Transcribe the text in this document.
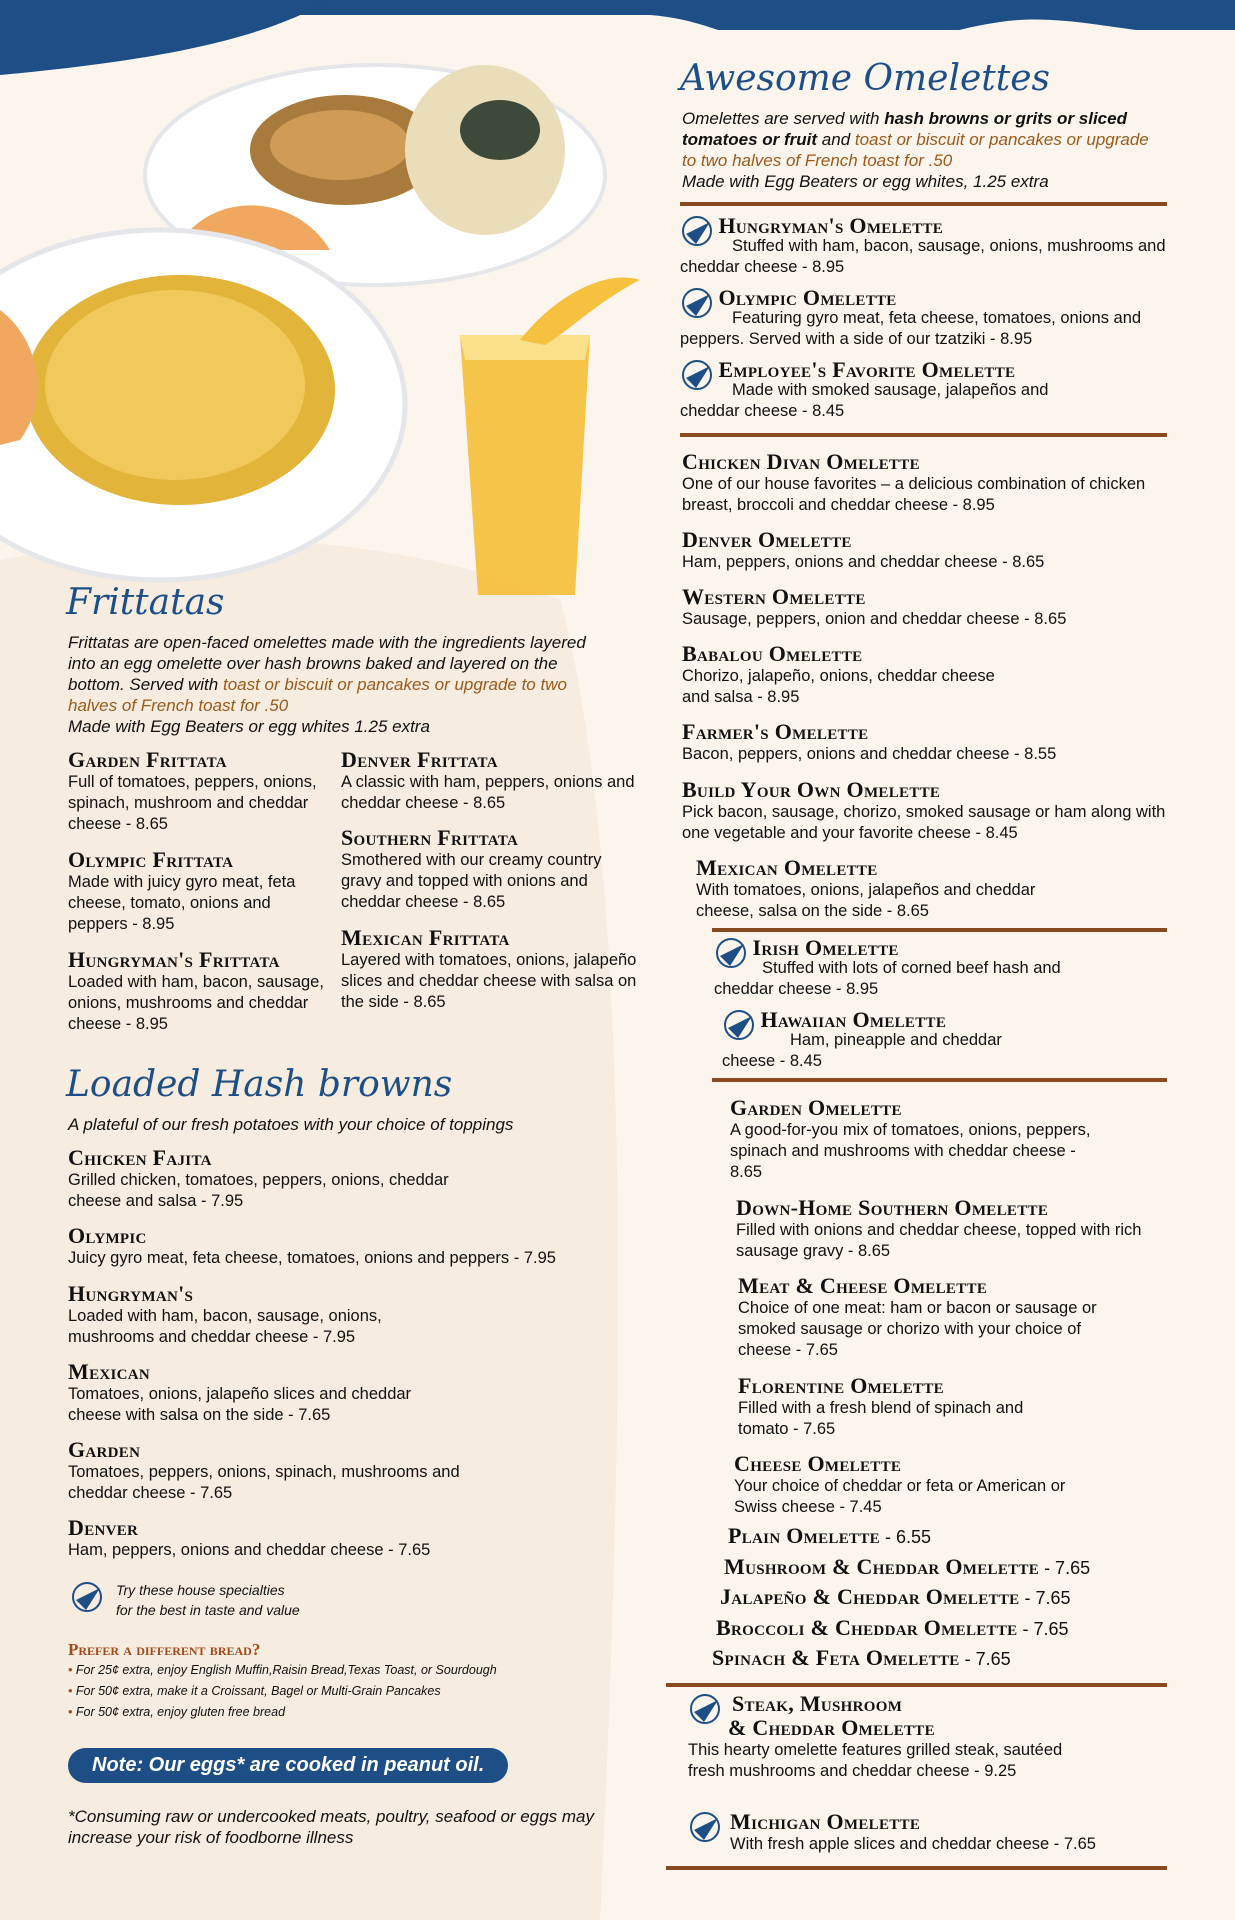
Awesome Omelettes
Omelettes are served with hash browns or grits or sliced tomatoes or fruit and toast or biscuit or pancakes or upgrade to two halves of French toast for .50
Made with Egg Beaters or egg whites, 1.25 extra
Hungryman's Omelette
Stuffed with ham, bacon, sausage, onions, mushrooms and cheddar cheese - 8.95
Olympic Omelette
Featuring gyro meat, feta cheese, tomatoes, onions and peppers. Served with a side of our tzatziki - 8.95
Employee's Favorite Omelette
Made with smoked sausage, jalapeños and cheddar cheese - 8.45
Chicken Divan Omelette
One of our house favorites – a delicious combination of chicken breast, broccoli and cheddar cheese - 8.95
Denver Omelette
Ham, peppers, onions and cheddar cheese - 8.65
Western Omelette
Sausage, peppers, onion and cheddar cheese - 8.65
Babalou Omelette
Chorizo, jalapeño, onions, cheddar cheese and salsa - 8.95
Farmer's Omelette
Bacon, peppers, onions and cheddar cheese - 8.55
Build Your Own Omelette
Pick bacon, sausage, chorizo, smoked sausage or ham along with one vegetable and your favorite cheese - 8.45
Mexican Omelette
With tomatoes, onions, jalapeños and cheddar cheese, salsa on the side - 8.65
Irish Omelette
Stuffed with lots of corned beef hash and cheddar cheese - 8.95
Hawaiian Omelette
Ham, pineapple and cheddar cheese - 8.45
Garden Omelette
A good-for-you mix of tomatoes, onions, peppers, spinach and mushrooms with cheddar cheese - 8.65
Down-Home Southern Omelette
Filled with onions and cheddar cheese, topped with rich sausage gravy - 8.65
Meat & Cheese Omelette
Choice of one meat: ham or bacon or sausage or smoked sausage or chorizo with your choice of cheese - 7.65
Florentine Omelette
Filled with a fresh blend of spinach and tomato - 7.65
Cheese Omelette
Your choice of cheddar or feta or American or Swiss cheese - 7.45
Plain Omelette - 6.55
Mushroom & Cheddar Omelette - 7.65
Jalapeño & Cheddar Omelette - 7.65
Broccoli & Cheddar Omelette - 7.65
Spinach & Feta Omelette - 7.65
Steak, Mushroom
& Cheddar Omelette
This hearty omelette features grilled steak, sautéed fresh mushrooms and cheddar cheese - 9.25
Michigan Omelette
With fresh apple slices and cheddar cheese - 7.65
Frittatas
Frittatas are open-faced omelettes made with the ingredients layered into an egg omelette over hash browns baked and layered on the bottom. Served with toast or biscuit or pancakes or upgrade to two halves of French toast for .50
Made with Egg Beaters or egg whites 1.25 extra
Garden Frittata
Full of tomatoes, peppers, onions, spinach, mushroom and cheddar cheese - 8.65
Olympic Frittata
Made with juicy gyro meat, feta cheese, tomato, onions and peppers - 8.95
Hungryman's Frittata
Loaded with ham, bacon, sausage, onions, mushrooms and cheddar cheese - 8.95
Denver Frittata
A classic with ham, peppers, onions and cheddar cheese - 8.65
Southern Frittata
Smothered with our creamy country gravy and topped with onions and cheddar cheese - 8.65
Mexican Frittata
Layered with tomatoes, onions, jalapeño slices and cheddar cheese with salsa on the side - 8.65
Loaded Hash browns
A plateful of our fresh potatoes with your choice of toppings
Chicken Fajita
Grilled chicken, tomatoes, peppers, onions, cheddar cheese and salsa - 7.95
Olympic
Juicy gyro meat, feta cheese, tomatoes, onions and peppers - 7.95
Hungryman's
Loaded with ham, bacon, sausage, onions, mushrooms and cheddar cheese - 7.95
Mexican
Tomatoes, onions, jalapeño slices and cheddar cheese with salsa on the side - 7.65
Garden
Tomatoes, peppers, onions, spinach, mushrooms and cheddar cheese - 7.65
Denver
Ham, peppers, onions and cheddar cheese - 7.65
Try these house specialties
for the best in taste and value
Prefer a different bread?
• For 25¢ extra, enjoy English Muffin,Raisin Bread,Texas Toast, or Sourdough
• For 50¢ extra, make it a Croissant, Bagel or Multi-Grain Pancakes
• For 50¢ extra, enjoy gluten free bread
Note: Our eggs* are cooked in peanut oil.
*Consuming raw or undercooked meats, poultry, seafood or eggs may increase your risk of foodborne illness
